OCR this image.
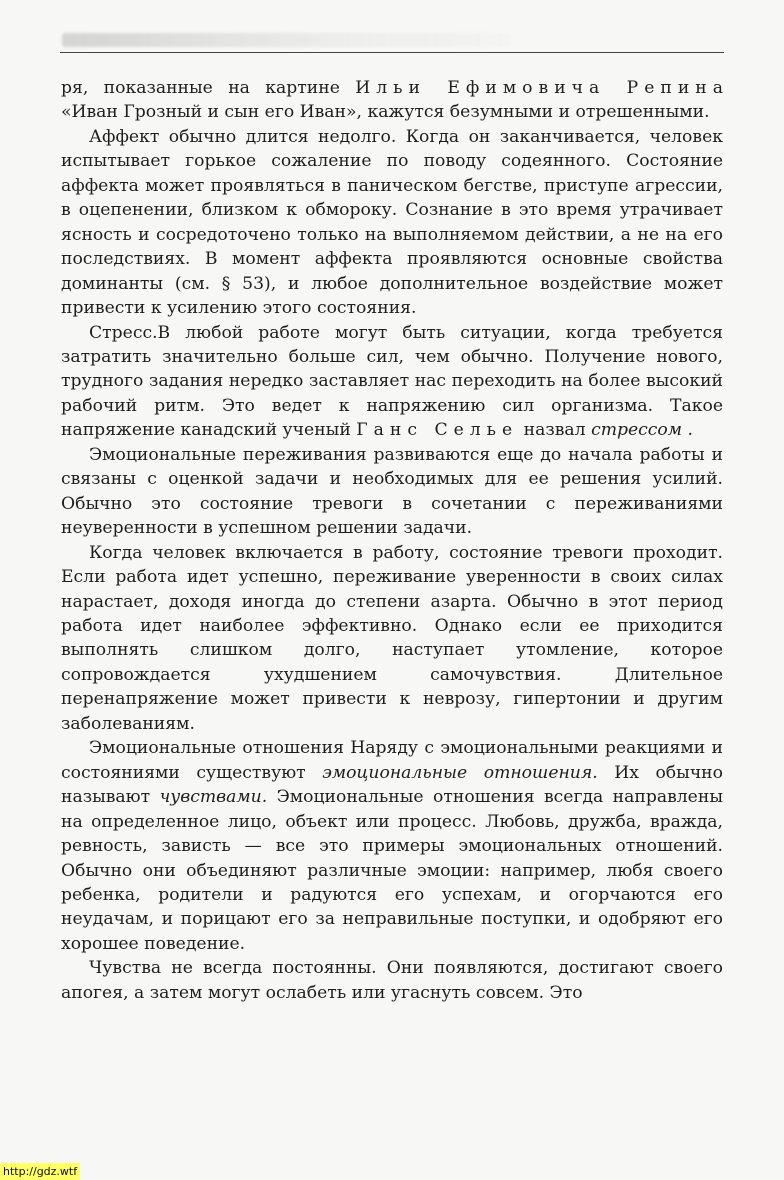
ря, показанные на картине Ильи Ефимовича Репина «Иван Грозный и сын его Иван», кажутся безумными и отрешенными.

Аффект обычно длится недолго. Когда он заканчивается, человек испытывает горькое сожаление по поводу содеянного. Состояние аффекта может проявляться в паническом бегстве, приступе агрессии, в оцепенении, близком к обмороку. Сознание в это время утрачивает ясность и сосредоточено только на выполняемом действии, а не на его последствиях. В момент аффекта проявляются основные свойства доминанты (см. § 53), и любое дополнительное воздействие может привести к усилению этого состояния.

Стресс.В любой работе могут быть ситуации, когда требуется затратить значительно больше сил, чем обычно. Получение нового, трудного задания нередко заставляет нас переходить на более высокий рабочий ритм. Это ведет к напряжению сил организма. Такое напряжение канадский ученый Ганс Селье назвал стрессом .

Эмоциональные переживания развиваются еще до начала работы и связаны с оценкой задачи и необходимых для ее решения усилий. Обычно это состояние тревоги в сочетании с переживаниями неуверенности в успешном решении задачи.

Когда человек включается в работу, состояние тревоги проходит. Если работа идет успешно, переживание уверенности в своих силах нарастает, доходя иногда до степени азарта. Обычно в этот период работа идет наиболее эффективно. Однако если ее приходится выполнять слишком долго, наступает утомление, которое сопровождается ухудшением самочувствия. Длительное перенапряжение может привести к неврозу, гипертонии и другим заболеваниям.

Эмоциональные отношения Наряду с эмоциональными реакциями и состояниями существуют эмоциональные отношения. Их обычно называют чувствами. Эмоциональные отношения всегда направлены на определенное лицо, объект или процесс. Любовь, дружба, вражда, ревность, зависть — все это примеры эмоциональных отношений. Обычно они объединяют различные эмоции: например, любя своего ребенка, родители и радуются его успехам, и огорчаются его неудачам, и порицают его за неправильные поступки, и одобряют его хорошее поведение.

Чувства не всегда постоянны. Они появляются, достигают своего апогея, а затем могут ослабеть или угаснуть совсем. Это

http://gdz.wtf
